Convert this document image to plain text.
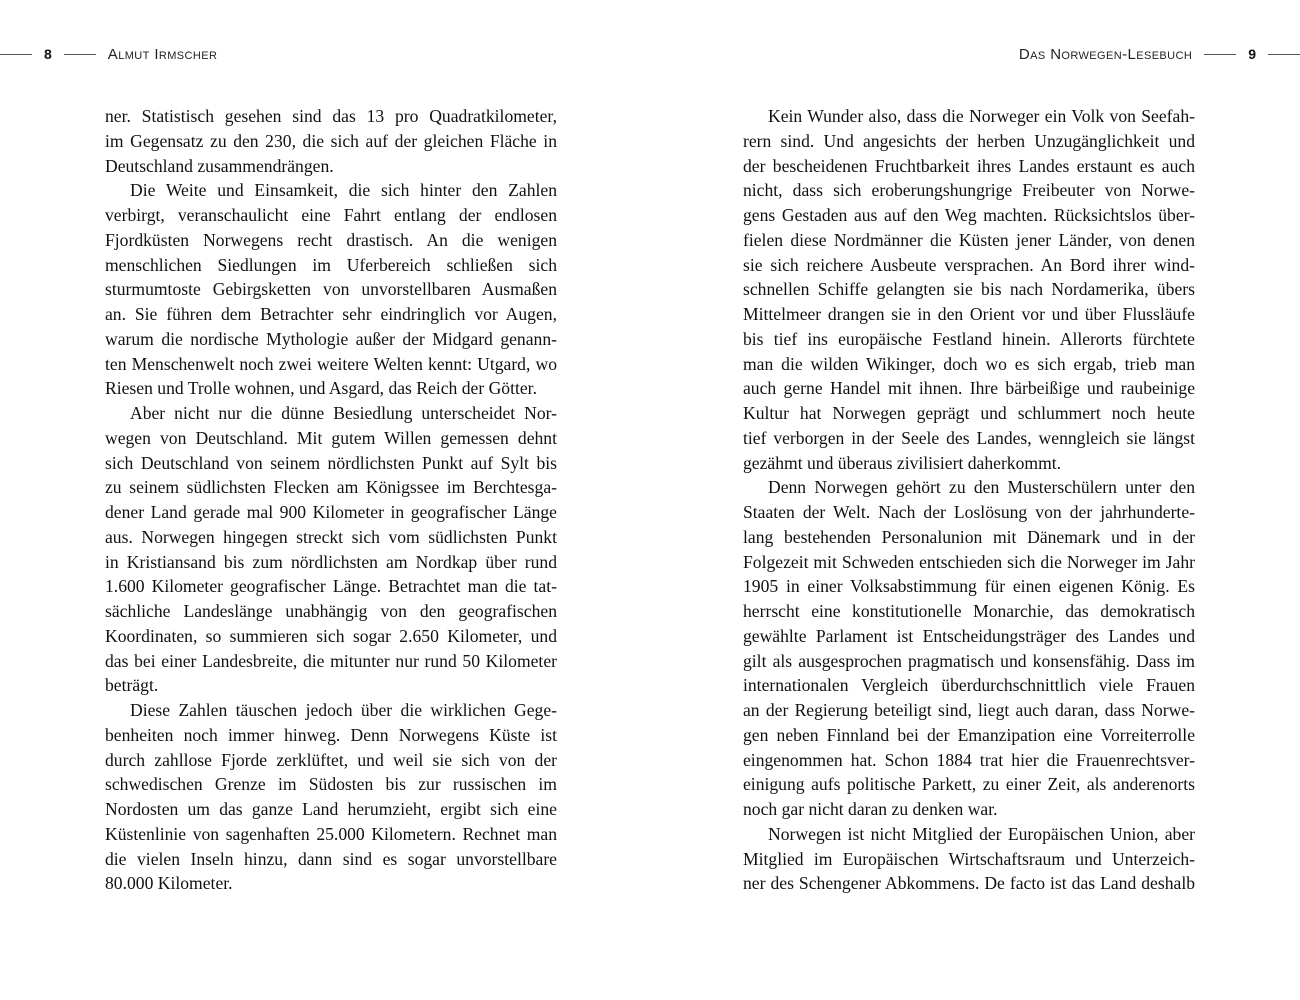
8	Almut Irmscher	Das Norwegen-Lesebuch	9
ner. Statistisch gesehen sind das 13 pro Quadratkilometer,
im Gegensatz zu den 230, die sich auf der gleichen Fläche in
Deutschland zusammendrängen.
Die Weite und Einsamkeit, die sich hinter den Zahlen
verbirgt, veranschaulicht eine Fahrt entlang der endlosen
Fjordküsten Norwegens recht drastisch. An die wenigen
menschlichen Siedlungen im Uferbereich schließen sich
sturmumtoste Gebirgsketten von unvorstellbaren Ausmaßen
an. Sie führen dem Betrachter sehr eindringlich vor Augen,
warum die nordische Mythologie außer der Midgard genann-
ten Menschenwelt noch zwei weitere Welten kennt: Utgard, wo
Riesen und Trolle wohnen, und Asgard, das Reich der Götter.
Aber nicht nur die dünne Besiedlung unterscheidet Nor-
wegen von Deutschland. Mit gutem Willen gemessen dehnt
sich Deutschland von seinem nördlichsten Punkt auf Sylt bis
zu seinem südlichsten Flecken am Königssee im Berchtesga-
dener Land gerade mal 900 Kilometer in geografischer Länge
aus. Norwegen hingegen streckt sich vom südlichsten Punkt
in Kristiansand bis zum nördlichsten am Nordkap über rund
1.600 Kilometer geografischer Länge. Betrachtet man die tat-
sächliche Landeslänge unabhängig von den geografischen
Koordinaten, so summieren sich sogar 2.650 Kilometer, und
das bei einer Landesbreite, die mitunter nur rund 50 Kilometer
beträgt.
Diese Zahlen täuschen jedoch über die wirklichen Gege-
benheiten noch immer hinweg. Denn Norwegens Küste ist
durch zahllose Fjorde zerklüftet, und weil sie sich von der
schwedischen Grenze im Südosten bis zur russischen im
Nordosten um das ganze Land herumzieht, ergibt sich eine
Küstenlinie von sagenhaften 25.000 Kilometern. Rechnet man
die vielen Inseln hinzu, dann sind es sogar unvorstellbare
80.000 Kilometer.
Kein Wunder also, dass die Norweger ein Volk von Seefah-
rern sind. Und angesichts der herben Unzugänglichkeit und
der bescheidenen Fruchtbarkeit ihres Landes erstaunt es auch
nicht, dass sich eroberungshungrige Freibeuter von Norwe-
gens Gestaden aus auf den Weg machten. Rücksichtslos über-
fielen diese Nordmänner die Küsten jener Länder, von denen
sie sich reichere Ausbeute versprachen. An Bord ihrer wind-
schnellen Schiffe gelangten sie bis nach Nordamerika, übers
Mittelmeer drangen sie in den Orient vor und über Flussläufe
bis tief ins europäische Festland hinein. Allerorts fürchtete
man die wilden Wikinger, doch wo es sich ergab, trieb man
auch gerne Handel mit ihnen. Ihre bärbeißige und raubeinige
Kultur hat Norwegen geprägt und schlummert noch heute
tief verborgen in der Seele des Landes, wenngleich sie längst
gezähmt und überaus zivilisiert daherkommt.
Denn Norwegen gehört zu den Musterschülern unter den
Staaten der Welt. Nach der Loslösung von der jahrhunderte-
lang bestehenden Personalunion mit Dänemark und in der
Folgezeit mit Schweden entschieden sich die Norweger im Jahr
1905 in einer Volksabstimmung für einen eigenen König. Es
herrscht eine konstitutionelle Monarchie, das demokratisch
gewählte Parlament ist Entscheidungsträger des Landes und
gilt als ausgesprochen pragmatisch und konsensfähig. Dass im
internationalen Vergleich überdurchschnittlich viele Frauen
an der Regierung beteiligt sind, liegt auch daran, dass Norwe-
gen neben Finnland bei der Emanzipation eine Vorreiterrolle
eingenommen hat. Schon 1884 trat hier die Frauenrechtsver-
einigung aufs politische Parkett, zu einer Zeit, als anderenorts
noch gar nicht daran zu denken war.
Norwegen ist nicht Mitglied der Europäischen Union, aber
Mitglied im Europäischen Wirtschaftsraum und Unterzeich-
ner des Schengener Abkommens. De facto ist das Land deshalb
